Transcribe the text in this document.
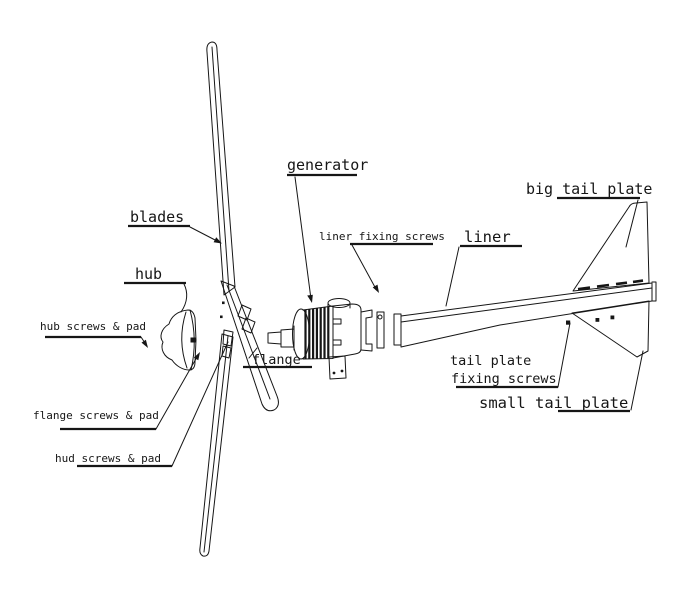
blades
hub
hub screws & pad
flange screws & pad
hud screws & pad
flange
generator
liner fixing screws liner
big tail plate
tail plate
fixing screws
small tail plate
